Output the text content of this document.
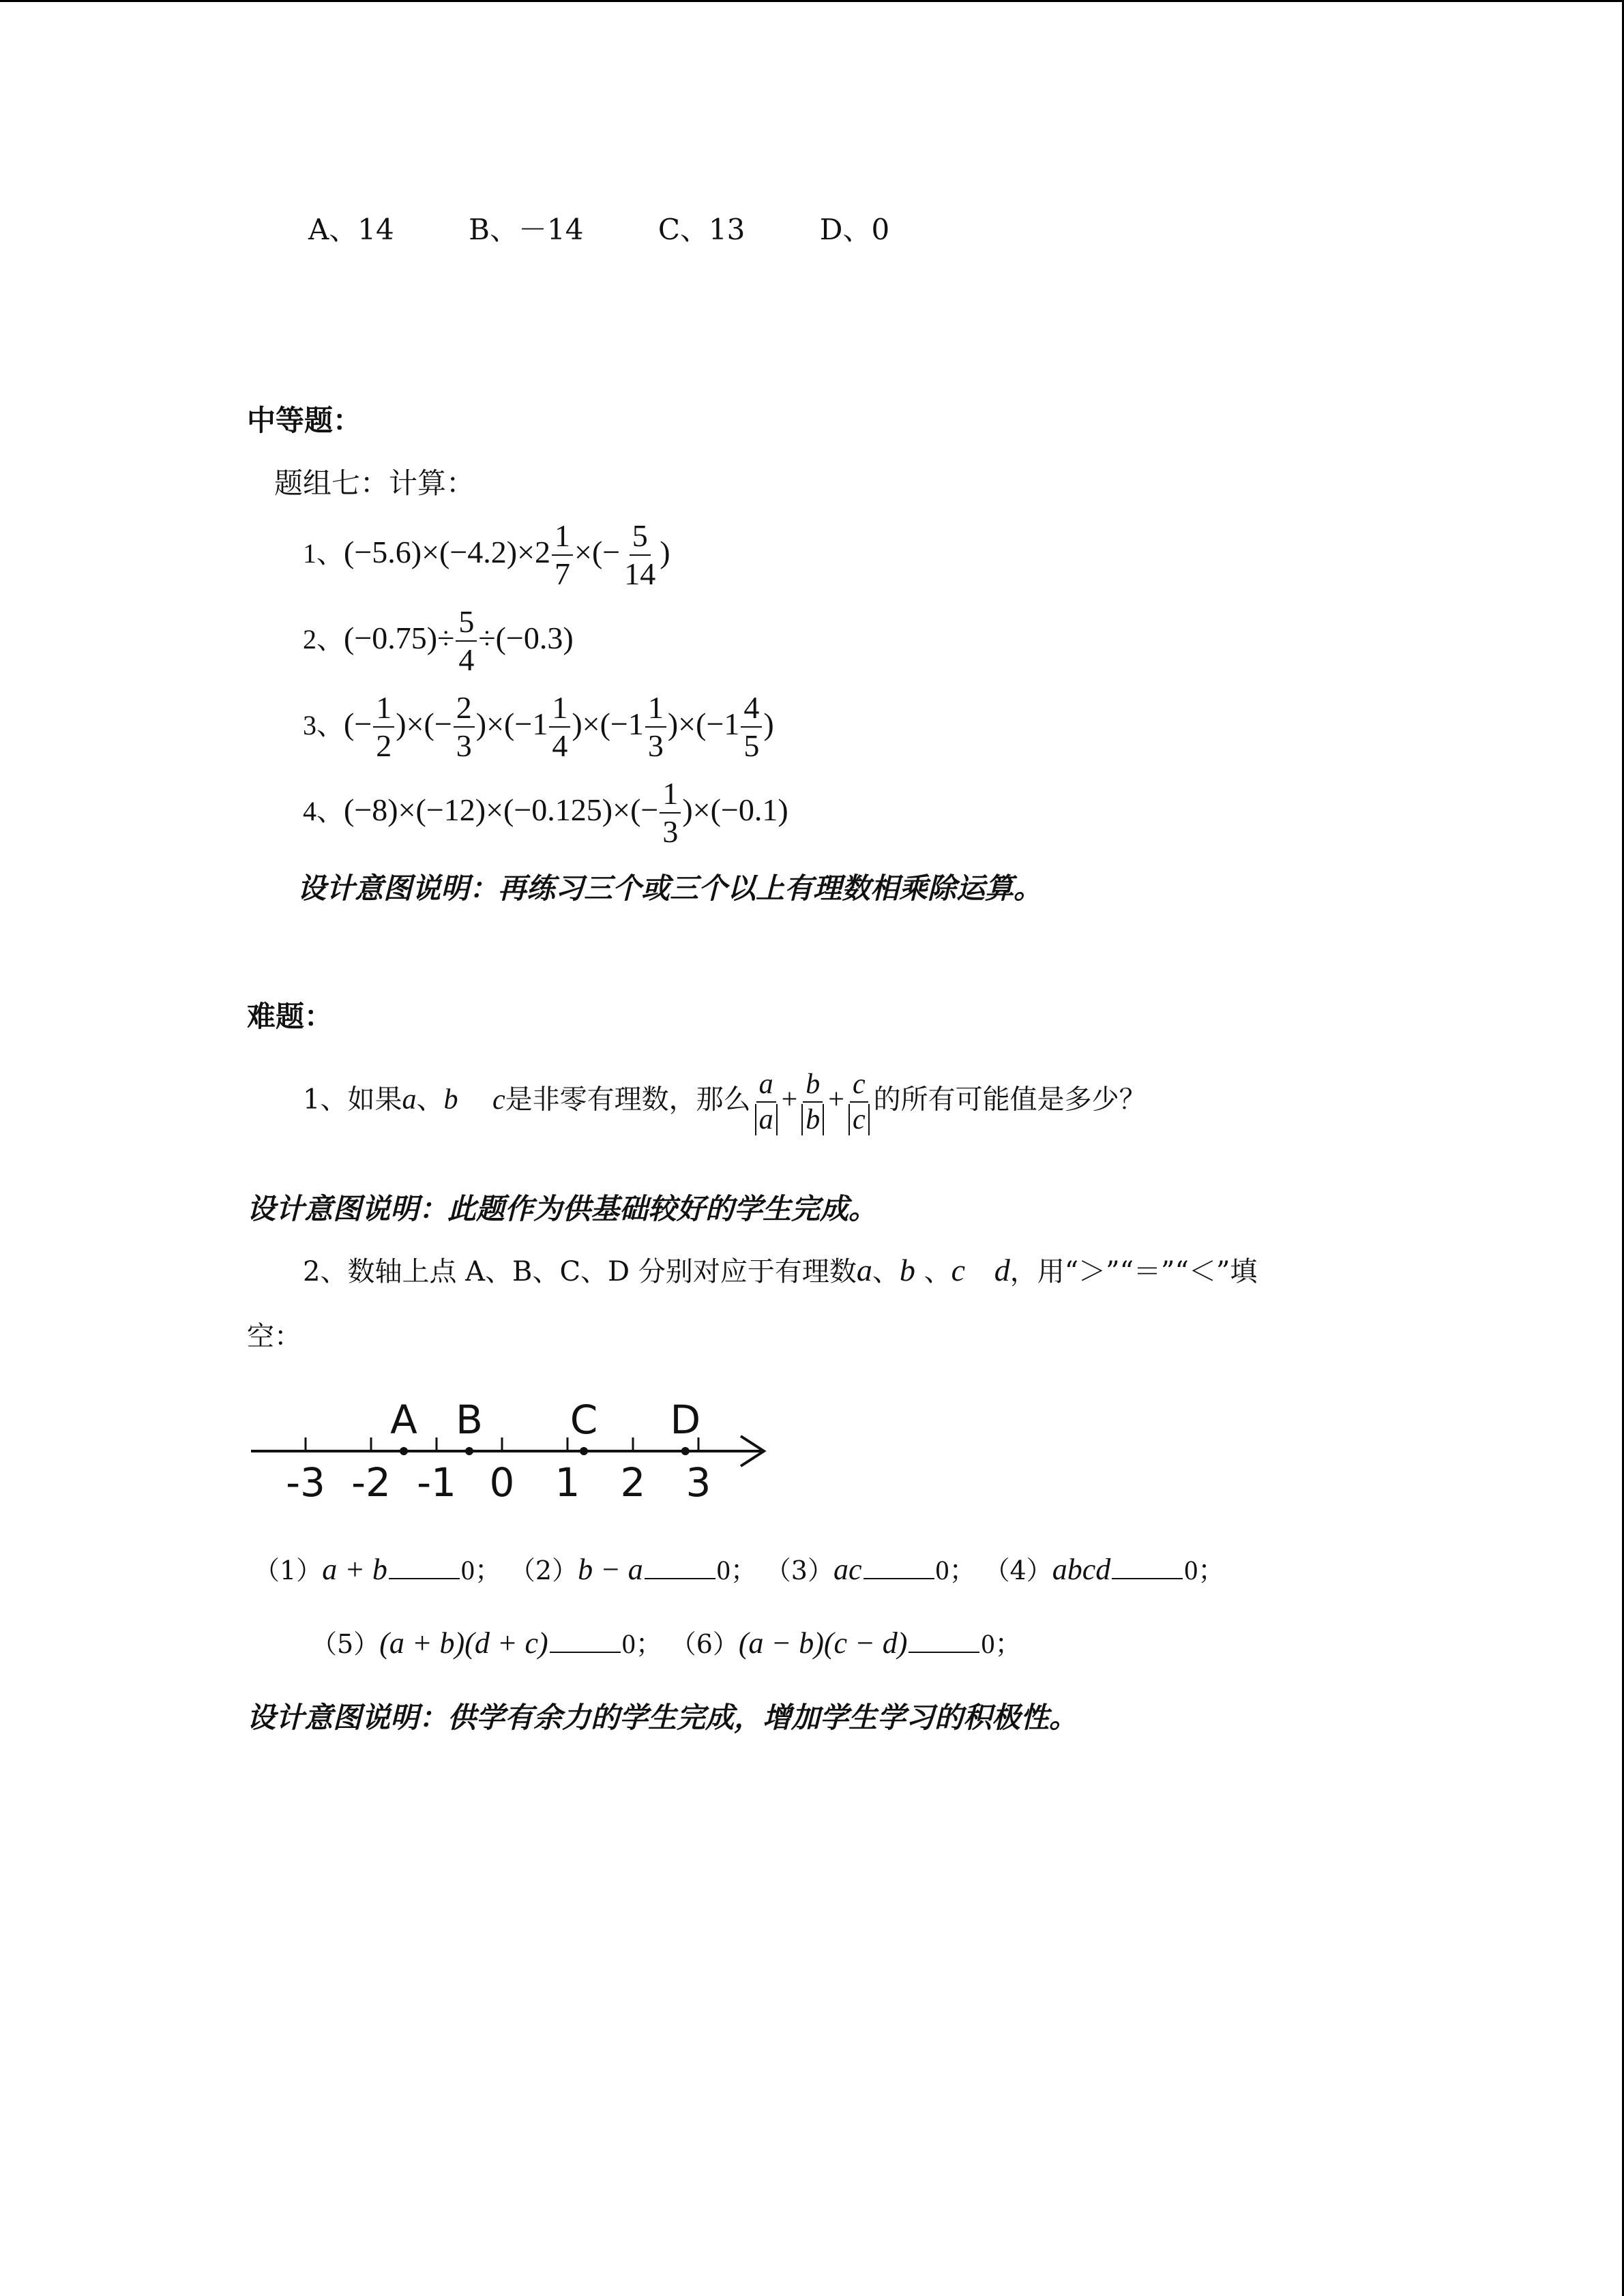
A、14	B、－14	C、13	D、0
中等题：
题组七：计算：
1、$(-5.6)\times(-4.2)\times 2 \frac{1}{7}$ ×(− $\frac{5}{14}$ )
2、$(-0.75)\div \frac{5}{4} \div(-0.3)$
3、(− $\frac{1}{2}$ )×(− $\frac{2}{3} )\times(-1 \frac{1}{4} )\times(-1 \frac{1}{3} )\times(-1 \frac{4}{5}$ )
4、$(-8)\times(-12)\times(-0.125)\times(- \frac{1}{3} )\times(-0.1)$
设计意图说明：再练习三个或三个以上有理数相乘除运算。
难题：
1、如果a、b c是非零有理数，那么 $\frac{a}{a} + \frac{b}{b} + \frac{c}{c}$ 的所有可能值是多少？
设计意图说明：此题作为供基础较好的学生完成。
2、数轴上点 A、B、C、D 分别对应于有理数a、b 、c d，用“＞”“＝”“＜”填
空：
-3 -2 -1 0 1 2 3
A B C D
（1）a + b	0； （2）b − a	0； （3）ac	0； （4）abcd	0；
（5）(a + b)(d + c)	0； （6）(a − b)(c − d)	0；
设计意图说明：供学有余力的学生完成，增加学生学习的积极性。
